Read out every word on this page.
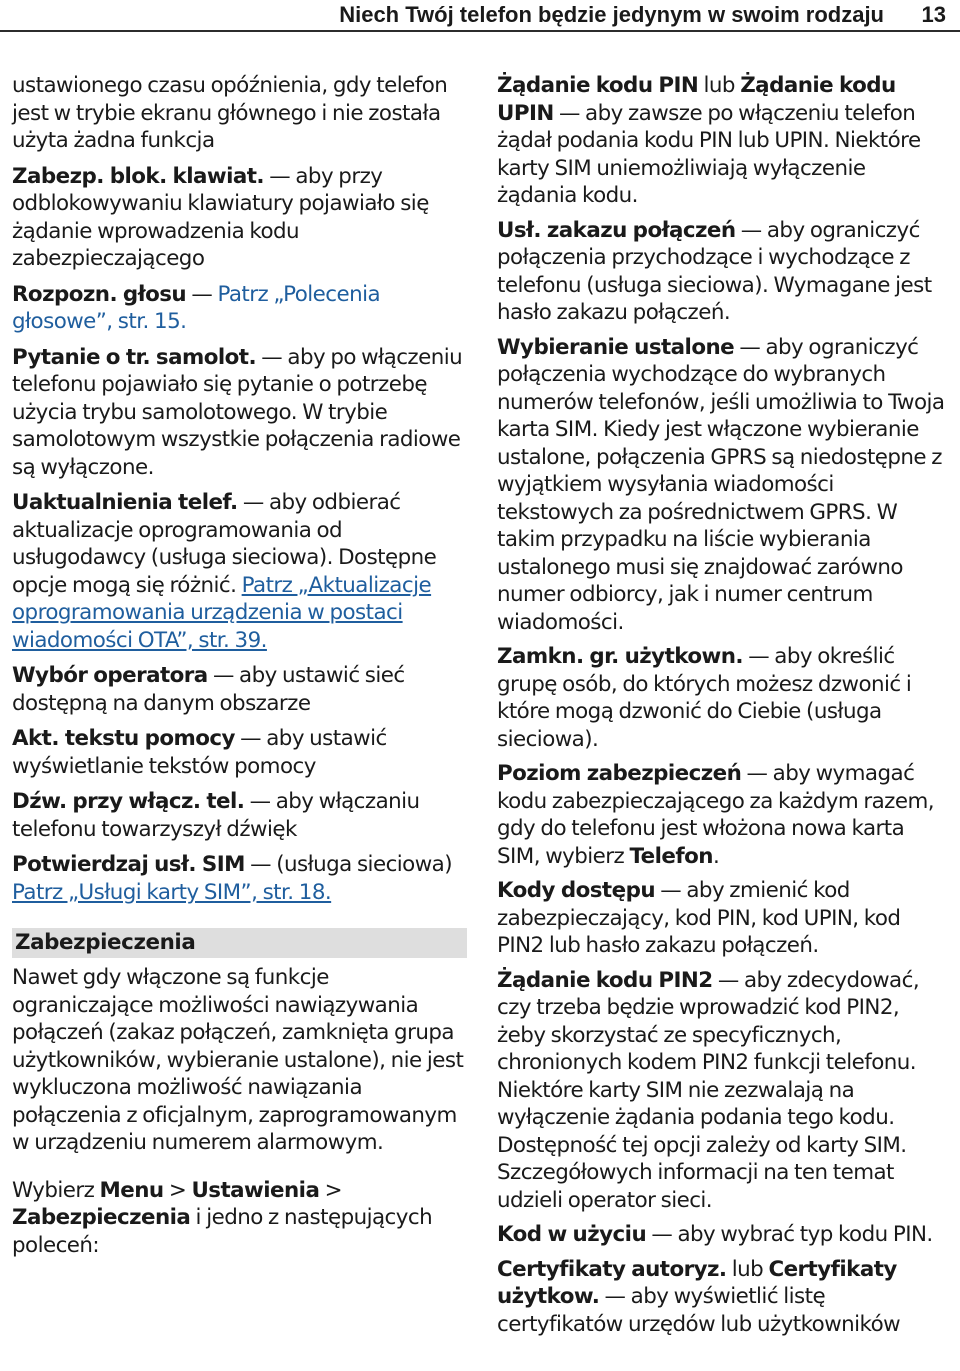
Niech Twój telefon będzie jedynym w swoim rodzaju 13

ustawionego czasu opóźnienia, gdy telefon jest w trybie ekranu głównego i nie została użyta żadna funkcja

Zabezp. blok. klawiat. — aby przy odblokowywaniu klawiatury pojawiało się żądanie wprowadzenia kodu zabezpieczającego

Rozpozn. głosu — Patrz „Polecenia głosowe”, str. 15.

Pytanie o tr. samolot. — aby po włączeniu telefonu pojawiało się pytanie o potrzebę użycia trybu samolotowego. W trybie samolotowym wszystkie połączenia radiowe są wyłączone.

Uaktualnienia telef. — aby odbierać aktualizacje oprogramowania od usługodawcy (usługa sieciowa). Dostępne opcje mogą się różnić. Patrz „Aktualizacje oprogramowania urządzenia w postaci wiadomości OTA”, str. 39.

Wybór operatora — aby ustawić sieć dostępną na danym obszarze

Akt. tekstu pomocy — aby ustawić wyświetlanie tekstów pomocy

Dźw. przy włącz. tel. — aby włączaniu telefonu towarzyszył dźwięk

Potwierdzaj usł. SIM — (usługa sieciowa) Patrz „Usługi karty SIM”, str. 18.

Zabezpieczenia

Nawet gdy włączone są funkcje ograniczające możliwości nawiązywania połączeń (zakaz połączeń, zamknięta grupa użytkowników, wybieranie ustalone), nie jest wykluczona możliwość nawiązania połączenia z oficjalnym, zaprogramowanym w urządzeniu numerem alarmowym.

Wybierz Menu > Ustawienia > Zabezpieczenia i jedno z następujących poleceń:

Żądanie kodu PIN lub Żądanie kodu UPIN — aby zawsze po włączeniu telefon żądał podania kodu PIN lub UPIN. Niektóre karty SIM uniemożliwiają wyłączenie żądania kodu.

Usł. zakazu połączeń — aby ograniczyć połączenia przychodzące i wychodzące z telefonu (usługa sieciowa). Wymagane jest hasło zakazu połączeń.

Wybieranie ustalone — aby ograniczyć połączenia wychodzące do wybranych numerów telefonów, jeśli umożliwia to Twoja karta SIM. Kiedy jest włączone wybieranie ustalone, połączenia GPRS są niedostępne z wyjątkiem wysyłania wiadomości tekstowych za pośrednictwem GPRS. W takim przypadku na liście wybierania ustalonego musi się znajdować zarówno numer odbiorcy, jak i numer centrum wiadomości.

Zamkn. gr. użytkown. — aby określić grupę osób, do których możesz dzwonić i które mogą dzwonić do Ciebie (usługa sieciowa).

Poziom zabezpieczeń — aby wymagać kodu zabezpieczającego za każdym razem, gdy do telefonu jest włożona nowa karta SIM, wybierz Telefon.

Kody dostępu — aby zmienić kod zabezpieczający, kod PIN, kod UPIN, kod PIN2 lub hasło zakazu połączeń.

Żądanie kodu PIN2 — aby zdecydować, czy trzeba będzie wprowadzić kod PIN2, żeby skorzystać ze specyficznych, chronionych kodem PIN2 funkcji telefonu. Niektóre karty SIM nie zezwalają na wyłączenie żądania podania tego kodu. Dostępność tej opcji zależy od karty SIM. Szczegółowych informacji na ten temat udzieli operator sieci.

Kod w użyciu — aby wybrać typ kodu PIN.

Certyfikaty autoryz. lub Certyfikaty użytkow. — aby wyświetlić listę certyfikatów urzędów lub użytkowników
